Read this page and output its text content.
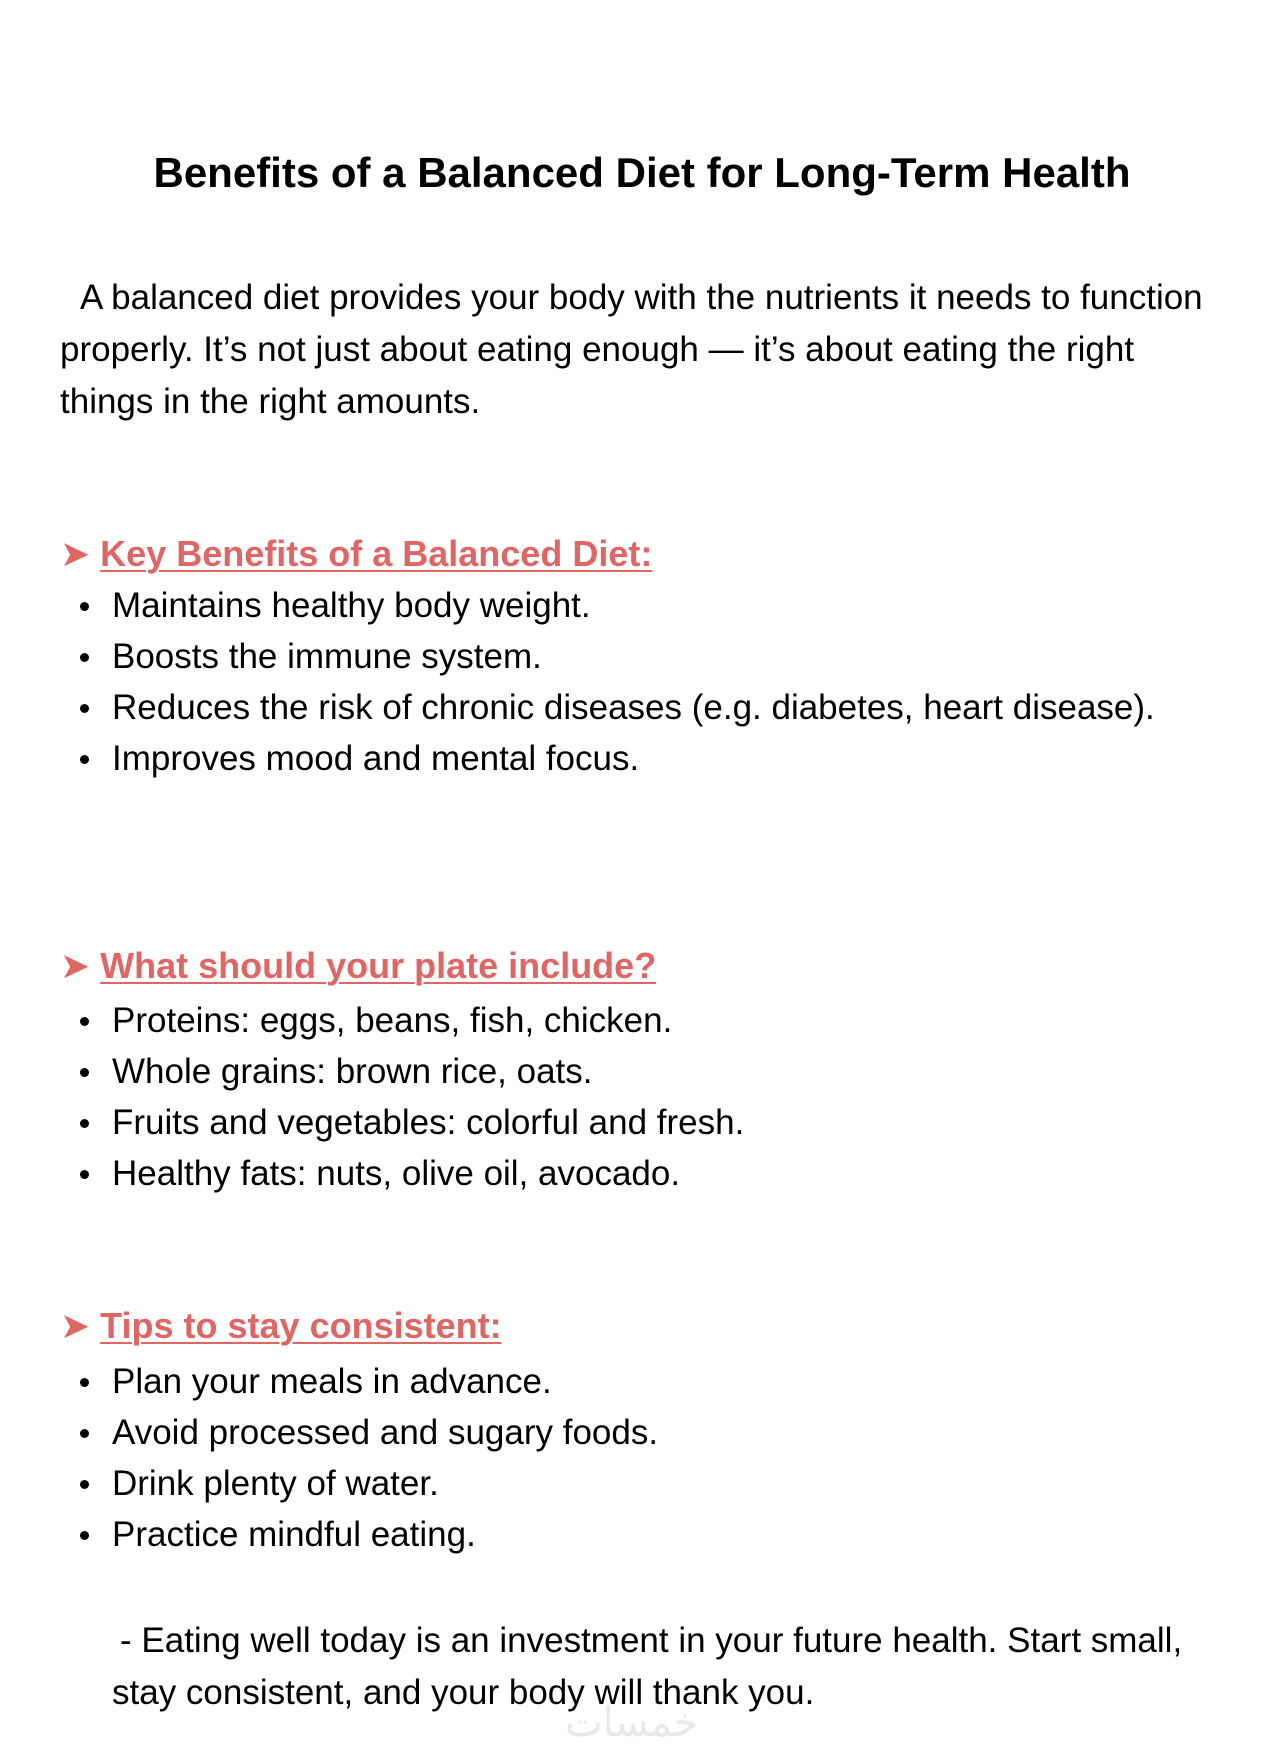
Benefits of a Balanced Diet for Long-Term Health

A balanced diet provides your body with the nutrients it needs to function properly. It’s not just about eating enough — it’s about eating the right things in the right amounts.

➤ Key Benefits of a Balanced Diet:
Maintains healthy body weight.
Boosts the immune system.
Reduces the risk of chronic diseases (e.g. diabetes, heart disease).
Improves mood and mental focus.
➤ What should your plate include?
Proteins: eggs, beans, fish, chicken.
Whole grains: brown rice, oats.
Fruits and vegetables: colorful and fresh.
Healthy fats: nuts, olive oil, avocado.
➤ Tips to stay consistent:
Plan your meals in advance.
Avoid processed and sugary foods.
Drink plenty of water.
Practice mindful eating.

- Eating well today is an investment in your future health. Start small, stay consistent, and your body will thank you.

خمسات
